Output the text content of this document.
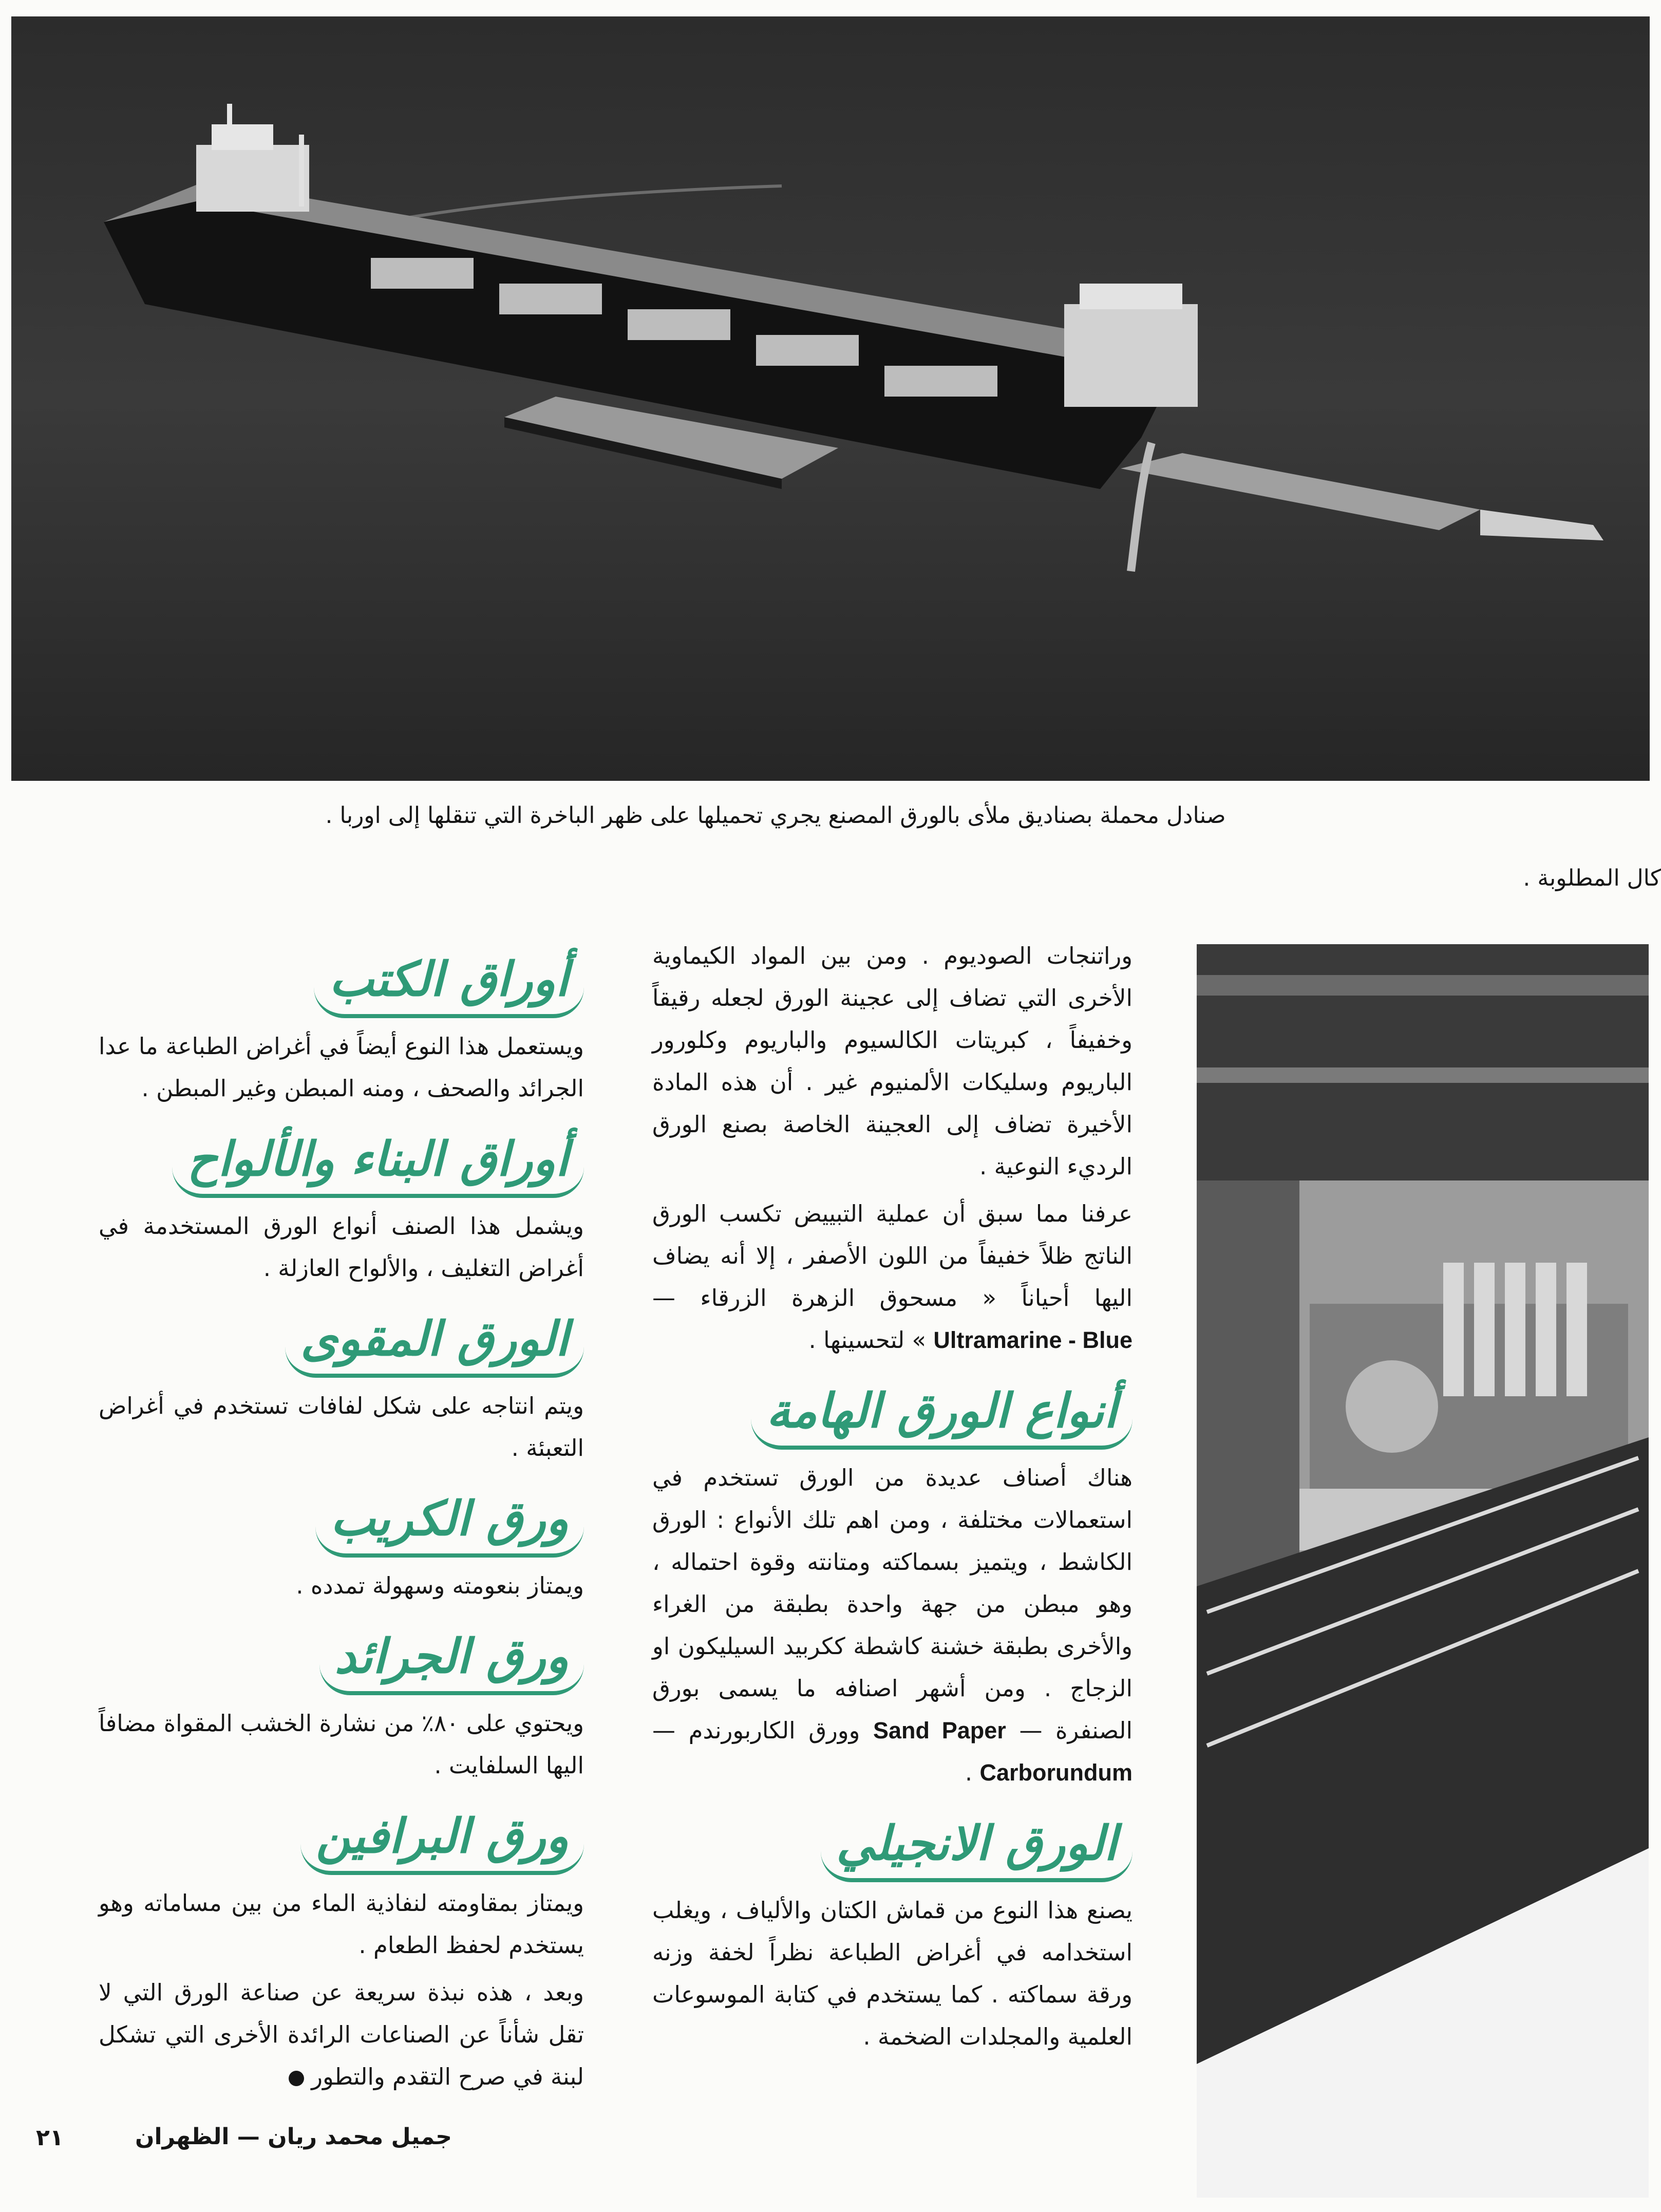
صنادل محملة بصناديق ملأى بالورق المصنع يجري تحميلها على ظهر الباخرة التي تنقلها إلى اوربا .
كال المطلوبة .

وراتنجات الصوديوم . ومن بين المواد الكيماوية الأخرى التي تضاف إلى عجينة الورق لجعله رقيقاً وخفيفاً ، كبريتات الكالسيوم والباريوم وكلورور الباريوم وسليكات الألمنيوم غير . أن هذه المادة الأخيرة تضاف إلى العجينة الخاصة بصنع الورق الرديء النوعية .

عرفنا مما سبق أن عملية التبييض تكسب الورق الناتج ظلاً خفيفاً من اللون الأصفر ، إلا أنه يضاف اليها أحياناً « مسحوق الزهرة الزرقاء — Ultramarine - Blue » لتحسينها .

أنواع الورق الهامة

هناك أصناف عديدة من الورق تستخدم في استعمالات مختلفة ، ومن اهم تلك الأنواع : الورق الكاشط ، ويتميز بسماكته ومتانته وقوة احتماله ، وهو مبطن من جهة واحدة بطبقة من الغراء والأخرى بطبقة خشنة كاشطة ككربيد السيليكون او الزجاج . ومن أشهر اصنافه ما يسمى بورق الصنفرة — Sand Paper وورق الكاربورندم — Carborundum .

الورق الانجيلي

يصنع هذا النوع من قماش الكتان والألياف ، ويغلب استخدامه في أغراض الطباعة نظراً لخفة وزنه ورقة سماكته . كما يستخدم في كتابة الموسوعات العلمية والمجلدات الضخمة .

أوراق الكتب

ويستعمل هذا النوع أيضاً في أغراض الطباعة ما عدا الجرائد والصحف ، ومنه المبطن وغير المبطن .

أوراق البناء والألواح

ويشمل هذا الصنف أنواع الورق المستخدمة في أغراض التغليف ، والألواح العازلة .

الورق المقوى

ويتم انتاجه على شكل لفافات تستخدم في أغراض التعبئة .

ورق الكريب

ويمتاز بنعومته وسهولة تمدده .

ورق الجرائد

ويحتوي على ٨٠٪ من نشارة الخشب المقواة مضافاً اليها السلفايت .

ورق البرافين

ويمتاز بمقاومته لنفاذية الماء من بين مساماته وهو يستخدم لحفظ الطعام .

وبعد ، هذه نبذة سريعة عن صناعة الورق التي لا تقل شأناً عن الصناعات الرائدة الأخرى التي تشكل لبنة في صرح التقدم والتطور

جميل محمد ريان — الظهران
٢١
